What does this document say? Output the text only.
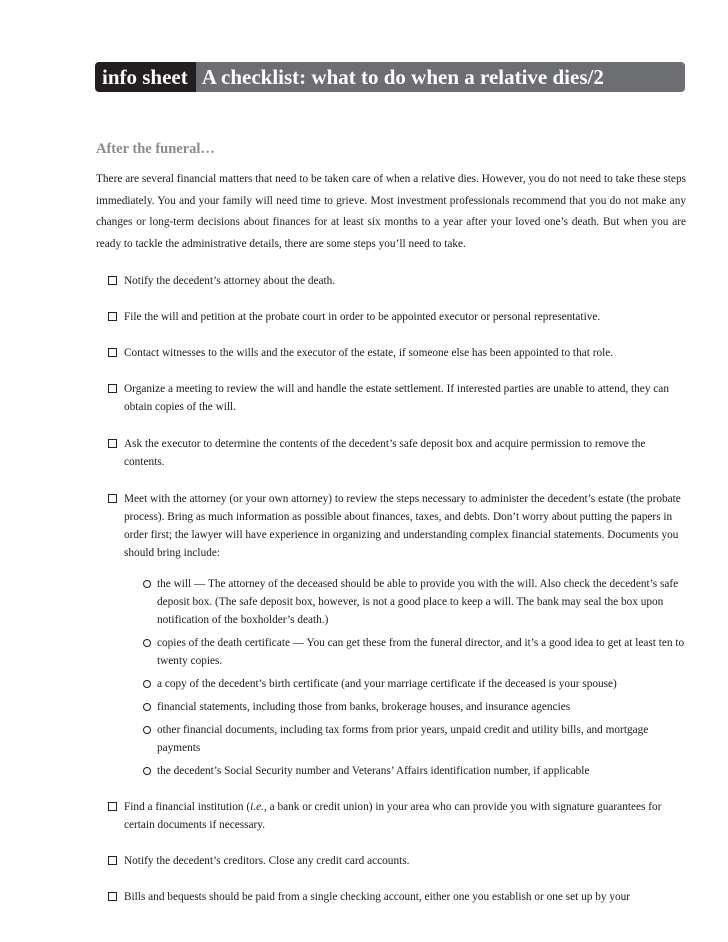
info sheet A checklist: what to do when a relative dies/2
After the funeral…

There are several financial matters that need to be taken care of when a relative dies. However, you do not need to take these steps immediately. You and your family will need time to grieve. Most investment professionals recommend that you do not make any changes or long-term decisions about finances for at least six months to a year after your loved one’s death. But when you are ready to tackle the administrative details, there are some steps you’ll need to take.

Notify the decedent’s attorney about the death.
File the will and petition at the probate court in order to be appointed executor or personal representative.
Contact witnesses to the wills and the executor of the estate, if someone else has been appointed to that role.
Organize a meeting to review the will and handle the estate settlement. If interested parties are unable to attend, they can obtain copies of the will.
Ask the executor to determine the contents of the decedent’s safe deposit box and acquire permission to remove the contents.
Meet with the attorney (or your own attorney) to review the steps necessary to administer the decedent’s estate (the probate process). Bring as much information as possible about finances, taxes, and debts. Don’t worry about putting the papers in order first; the lawyer will have experience in organizing and understanding complex financial statements. Documents you should bring include:
the will — The attorney of the deceased should be able to provide you with the will. Also check the decedent’s safe deposit box. (The safe deposit box, however, is not a good place to keep a will. The bank may seal the box upon notification of the boxholder’s death.)
copies of the death certificate — You can get these from the funeral director, and it’s a good idea to get at least ten to twenty copies.
a copy of the decedent’s birth certificate (and your marriage certificate if the deceased is your spouse)
financial statements, including those from banks, brokerage houses, and insurance agencies
other financial documents, including tax forms from prior years, unpaid credit and utility bills, and mortgage payments
the decedent’s Social Security number and Veterans’ Affairs identification number, if applicable
Find a financial institution (i.e., a bank or credit union) in your area who can provide you with signature guarantees for certain documents if necessary.
Notify the decedent’s creditors. Close any credit card accounts.
Bills and bequests should be paid from a single checking account, either one you establish or one set up by your
